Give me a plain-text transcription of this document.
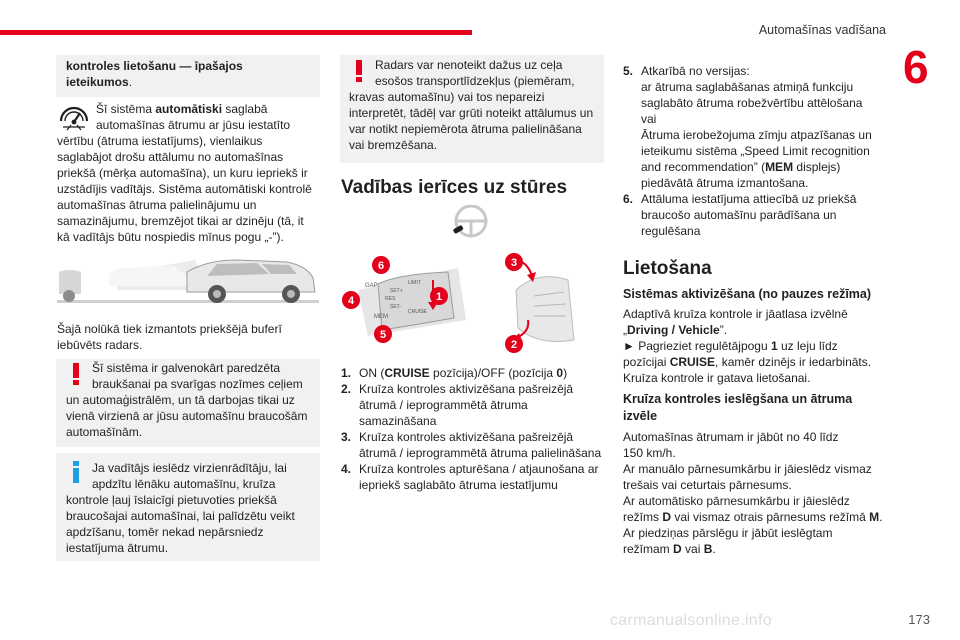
Automašīnas vadīšana
6
kontroles lietošanu — īpašajos ieteikumos.
Šī sistēma automātiski saglabā
automašīnas ātrumu ar jūsu iestatīto
vērtību (ātruma iestatījums), vienlaikus
saglabājot drošu attālumu no automašīnas
priekšā (mērķa automašīna), un kuru iepriekš ir
uzstādījis vadītājs. Sistēma automātiski kontrolē
automašīnas ātruma palielinājumu un
samazinājumu, bremzējot tikai ar dzinēju (tā, it
kā vadītājs būtu nospiedis mīnus pogu „-”).
Šajā nolūkā tiek izmantots priekšējā buferī
iebūvēts radars.
Šī sistēma ir galvenokārt paredzēta
braukšanai pa svarīgas nozīmes ceļiem
un automaģistrālēm, un tā darbojas tikai uz
vienā virzienā ar jūsu automašīnu braucošām
automašīnām.
Ja vadītājs ieslēdz virzienrādītāju, lai
apdzītu lēnāku automašīnu, kruīza
kontrole ļauj īslaicīgi pietuvoties priekšā
braucošajai automašīnai, lai palīdzētu veikt
apdzīšanu, tomēr nekad nepārsniedz
iestatījuma ātrumu.
Radars var nenoteikt dažus uz ceļa
esošos transportlīdzekļus (piemēram,
kravas automašīnu) vai tos nepareizi
interpretēt, tādēļ var grūti noteikt attālumus un
var notikt nepiemērota ātruma palielināšana
vai bremzēšana.
Vadības ierīces uz stūres
GAP
MEM
LIMIT
CRUISE
SET+
SET-
RES
6
4
5
1
3
2
1. ON (CRUISE pozīcija)/OFF (pozīcija 0)
2. Kruīza kontroles aktivizēšana pašreizējā
ātrumā / ieprogrammētā ātruma
samazināšana
3. Kruīza kontroles aktivizēšana pašreizējā
ātrumā / ieprogrammētā ātruma palielināšana
4. Kruīza kontroles apturēšana / atjaunošana ar
iepriekš saglabāto ātruma iestatījumu
5. Atkarībā no versijas:
ar ātruma saglabāšanas atmiņā funkciju
saglabāto ātruma robežvērtību attēlošana
vai
Ātruma ierobežojuma zīmju atpazīšanas un
ieteikumu sistēma „Speed Limit recognition
and recommendation” (MEM displejs)
piedāvātā ātruma izmantošana.
6. Attāluma iestatījuma attiecībā uz priekšā
braucošo automašīnu parādīšana un
regulēšana
Lietošana
Sistēmas aktivizēšana (no pauzes režīma)
Adaptīvā kruīza kontrole ir jāatlasa izvēlnē
„Driving / Vehicle”.
► Pagrieziet regulētājpogu 1 uz leju līdz
pozīcijai CRUISE, kamēr dzinējs ir iedarbināts.
Kruīza kontrole ir gatava lietošanai.
Kruīza kontroles ieslēgšana un ātruma
izvēle
Automašīnas ātrumam ir jābūt no 40 līdz
150 km/h.
Ar manuālo pārnesumkārbu ir jāieslēdz vismaz
trešais vai ceturtais pārnesums.
Ar automātisko pārnesumkārbu ir jāieslēdz
režīms D vai vismaz otrais pārnesums režīmā M.
Ar piedziņas pārslēgu ir jābūt ieslēgtam
režīmam D vai B.
carmanualsonline.info	173
